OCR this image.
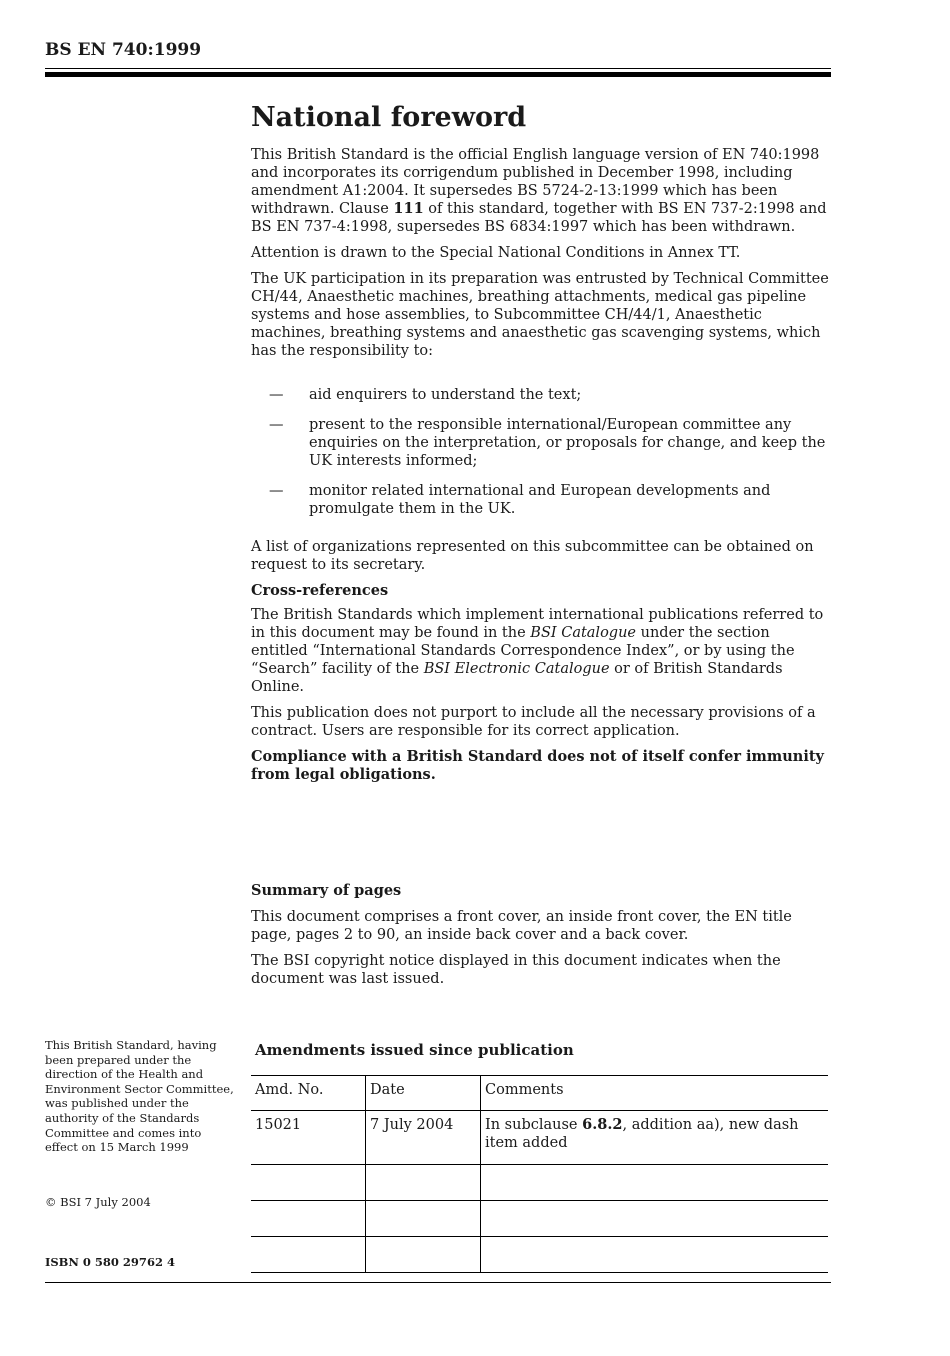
BS EN 740:1999
National foreword

This British Standard is the official English language version of EN 740:1998 and incorporates its corrigendum published in December 1998, including amendment A1:2004. It supersedes BS 5724-2-13:1999 which has been withdrawn. Clause 111 of this standard, together with BS EN 737-2:1998 and BS EN 737-4:1998, supersedes BS 6834:1997 which has been withdrawn.

Attention is drawn to the Special National Conditions in Annex TT.

The UK participation in its preparation was entrusted by Technical Committee CH/44, Anaesthetic machines, breathing attachments, medical gas pipeline systems and hose assemblies, to Subcommittee CH/44/1, Anaesthetic machines, breathing systems and anaesthetic gas scavenging systems, which has the responsibility to:

— aid enquirers to understand the text;
— present to the responsible international/European committee any enquiries on the interpretation, or proposals for change, and keep the UK interests informed;
— monitor related international and European developments and promulgate them in the UK.

A list of organizations represented on this subcommittee can be obtained on request to its secretary.

Cross-references

The British Standards which implement international publications referred to in this document may be found in the BSI Catalogue under the section entitled “International Standards Correspondence Index”, or by using the “Search” facility of the BSI Electronic Catalogue or of British Standards Online.

This publication does not purport to include all the necessary provisions of a contract. Users are responsible for its correct application.

Compliance with a British Standard does not of itself confer immunity from legal obligations.

Summary of pages

This document comprises a front cover, an inside front cover, the EN title page, pages 2 to 90, an inside back cover and a back cover.

The BSI copyright notice displayed in this document indicates when the document was last issued.

This British Standard, having been prepared under the direction of the Health and Environment Sector Committee, was published under the authority of the Standards Committee and comes into effect on 15 March 1999
© BSI 7 July 2004
ISBN 0 580 29762 4
Amendments issued since publication
Amd. No.	Date	Comments
15021	7 July 2004	In subclause 6.8.2, addition aa), new dash item added
